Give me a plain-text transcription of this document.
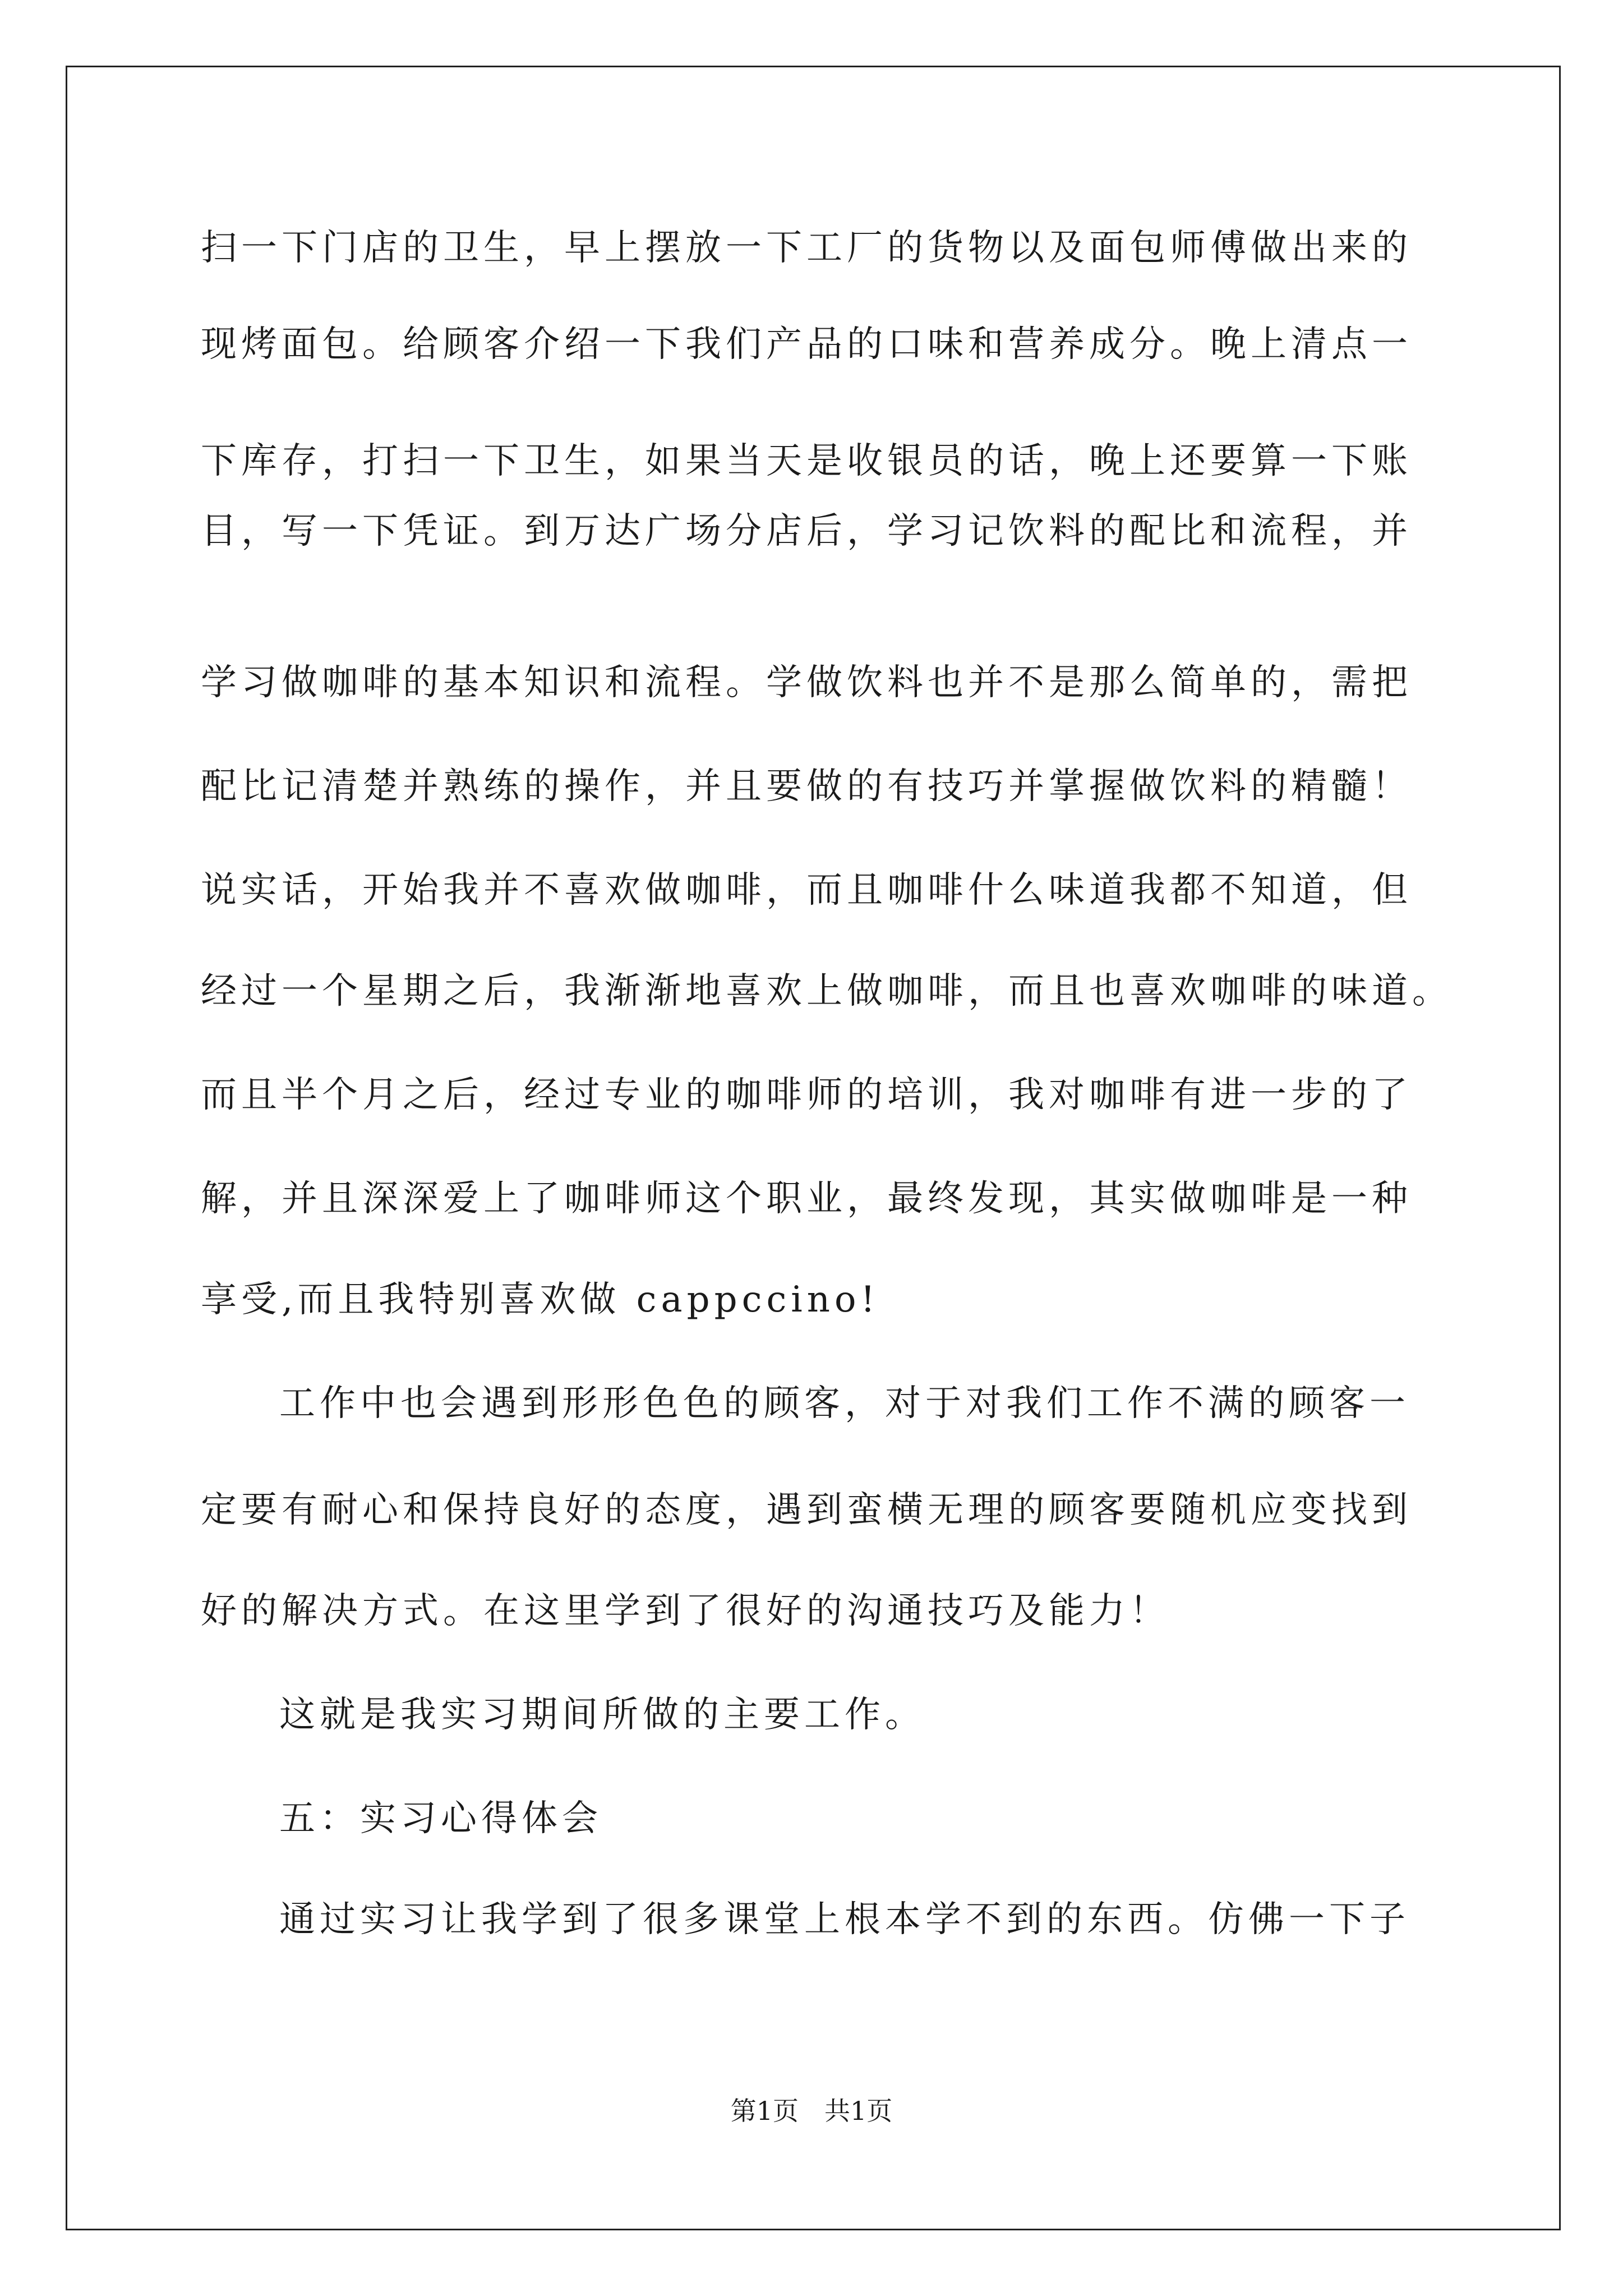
扫一下门店的卫生，早上摆放一下工厂的货物以及面包师傅做出来的
现烤面包。给顾客介绍一下我们产品的口味和营养成分。晚上清点一
下库存，打扫一下卫生，如果当天是收银员的话，晚上还要算一下账
目，写一下凭证。到万达广场分店后，学习记饮料的配比和流程，并
学习做咖啡的基本知识和流程。学做饮料也并不是那么简单的，需把
配比记清楚并熟练的操作，并且要做的有技巧并掌握做饮料的精髓！
说实话，开始我并不喜欢做咖啡，而且咖啡什么味道我都不知道，但
经过一个星期之后，我渐渐地喜欢上做咖啡，而且也喜欢咖啡的味道。
而且半个月之后，经过专业的咖啡师的培训，我对咖啡有进一步的了
解，并且深深爱上了咖啡师这个职业，最终发现，其实做咖啡是一种
享受,而且我特别喜欢做 cappccino!
工作中也会遇到形形色色的顾客，对于对我们工作不满的顾客一
定要有耐心和保持良好的态度，遇到蛮横无理的顾客要随机应变找到
好的解决方式。在这里学到了很好的沟通技巧及能力！
这就是我实习期间所做的主要工作。
五：实习心得体会
通过实习让我学到了很多课堂上根本学不到的东西。仿佛一下子
第1页　共1页
